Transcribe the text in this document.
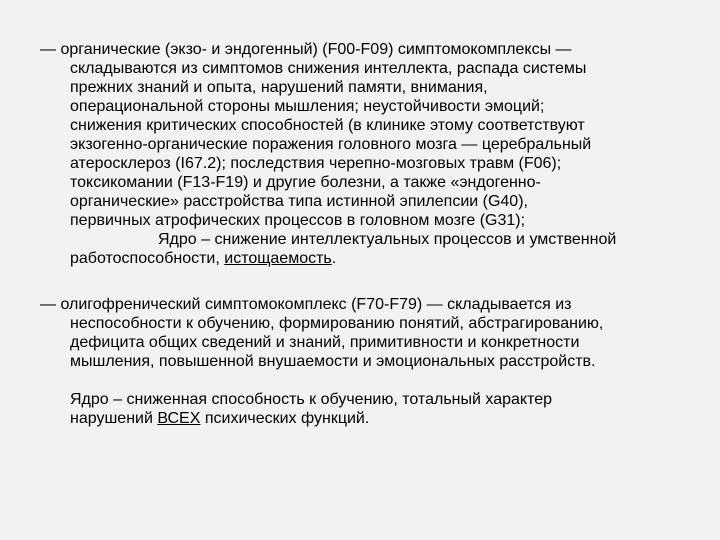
— органические (экзо- и эндогенный) (F00-F09) симптомокомплексы —
складываются из симптомов снижения интеллекта, распада системы
прежних знаний и опыта, нарушений памяти, внимания,
операциональной стороны мышления; неустойчивости эмоций;
снижения критических способностей (в клинике этому соответствуют
экзогенно-органические поражения головного мозга — церебральный
атеросклероз (I67.2); последствия черепно-мозговых травм (F06);
токсикомании (F13-F19) и другие болезни, а также «эндогенно-
органические» расстройства типа истинной эпилепсии (G40),
первичных атрофических процессов в головном мозге (G31);
Ядро – снижение интеллектуальных процессов и умственной
работоспособности, истощаемость.
— олигофренический симптомокомплекс (F70-F79) — складывается из
неспособности к обучению, формированию понятий, абстрагированию,
дефицита общих сведений и знаний, примитивности и конкретности
мышления, повышенной внушаемости и эмоциональных расстройств.
Ядро – сниженная способность к обучению, тотальный характер
нарушений ВСЕХ психических функций.
